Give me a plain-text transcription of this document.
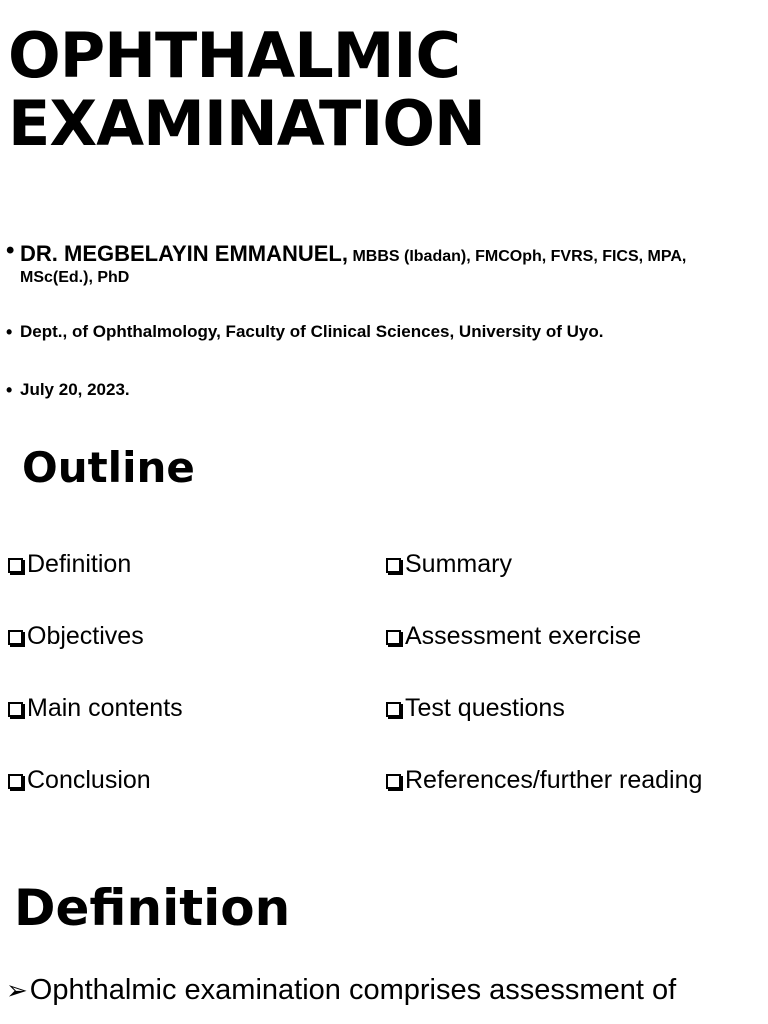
OPHTHALMIC
EXAMINATION
• DR. MEGBELAYIN EMMANUEL, MBBS (Ibadan), FMCOph, FVRS, FICS, MPA, MSc(Ed.), PhD
• Dept., of Ophthalmology, Faculty of Clinical Sciences, University of Uyo.
• July 20, 2023.
Outline
Definition
Objectives
Main contents
Conclusion
Summary
Assessment exercise
Test questions
References/further reading
Definition

➢Ophthalmic examination comprises assessment of
